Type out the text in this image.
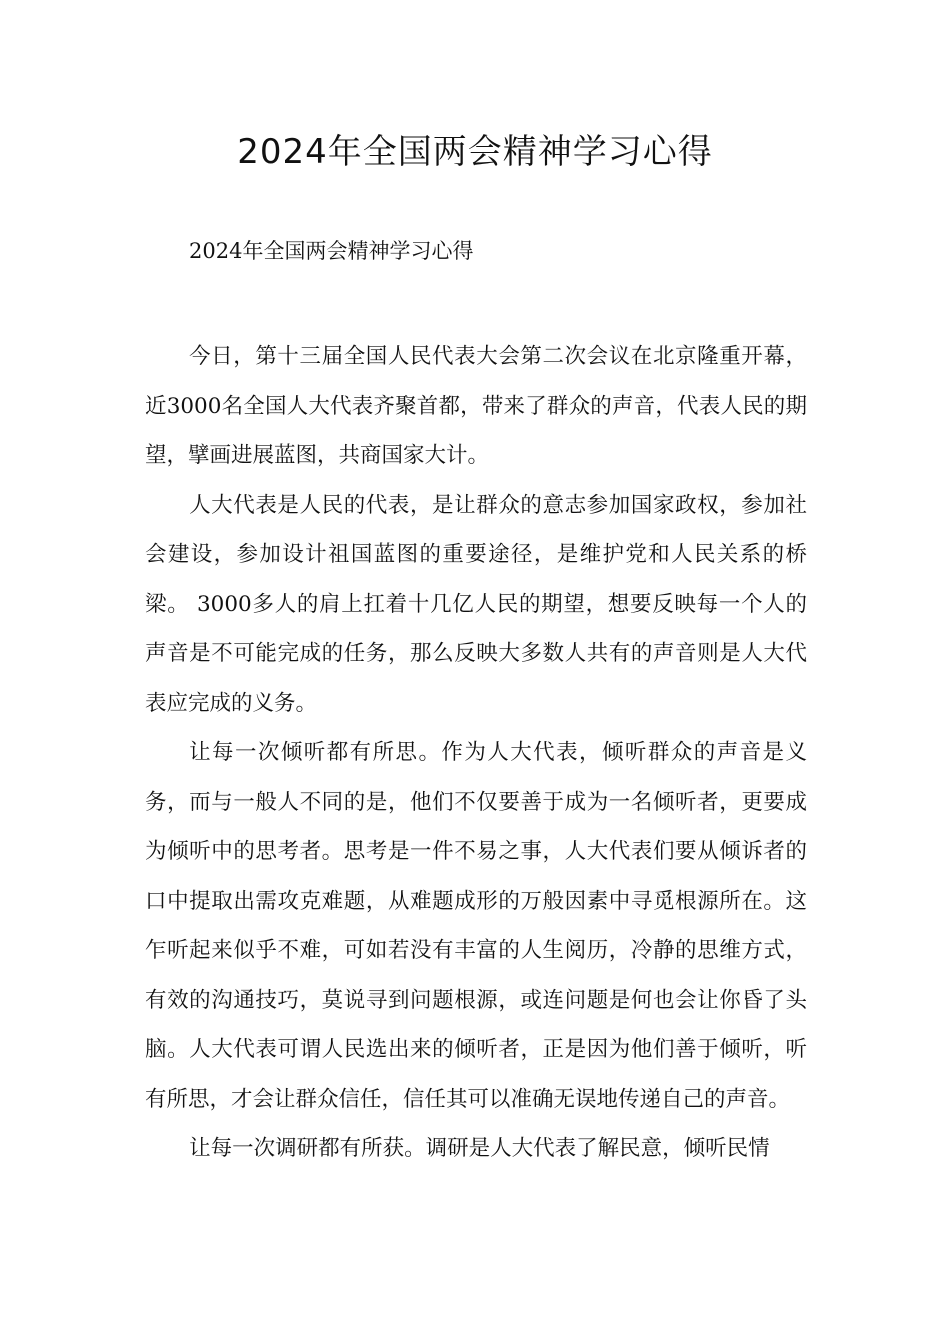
2024年全国两会精神学习心得
2024年全国两会精神学习心得

今日，第十三届全国人民代表大会第二次会议在北京隆重开幕，近3000名全国人大代表齐聚首都，带来了群众的声音，代表人民的期望，擘画进展蓝图，共商国家大计。

人大代表是人民的代表，是让群众的意志参加国家政权，参加社会建设，参加设计祖国蓝图的重要途径，是维护党和人民关系的桥梁。 3000多人的肩上扛着十几亿人民的期望，想要反映每一个人的声音是不可能完成的任务，那么反映大多数人共有的声音则是人大代表应完成的义务。

让每一次倾听都有所思。作为人大代表，倾听群众的声音是义务，而与一般人不同的是，他们不仅要善于成为一名倾听者，更要成为倾听中的思考者。思考是一件不易之事，人大代表们要从倾诉者的口中提取出需攻克难题，从难题成形的万般因素中寻觅根源所在。这乍听起来似乎不难，可如若没有丰富的人生阅历，冷静的思维方式，有效的沟通技巧，莫说寻到问题根源，或连问题是何也会让你昏了头脑。人大代表可谓人民选出来的倾听者，正是因为他们善于倾听，听有所思，才会让群众信任，信任其可以准确无误地传递自己的声音。

让每一次调研都有所获。调研是人大代表了解民意，倾听民情
